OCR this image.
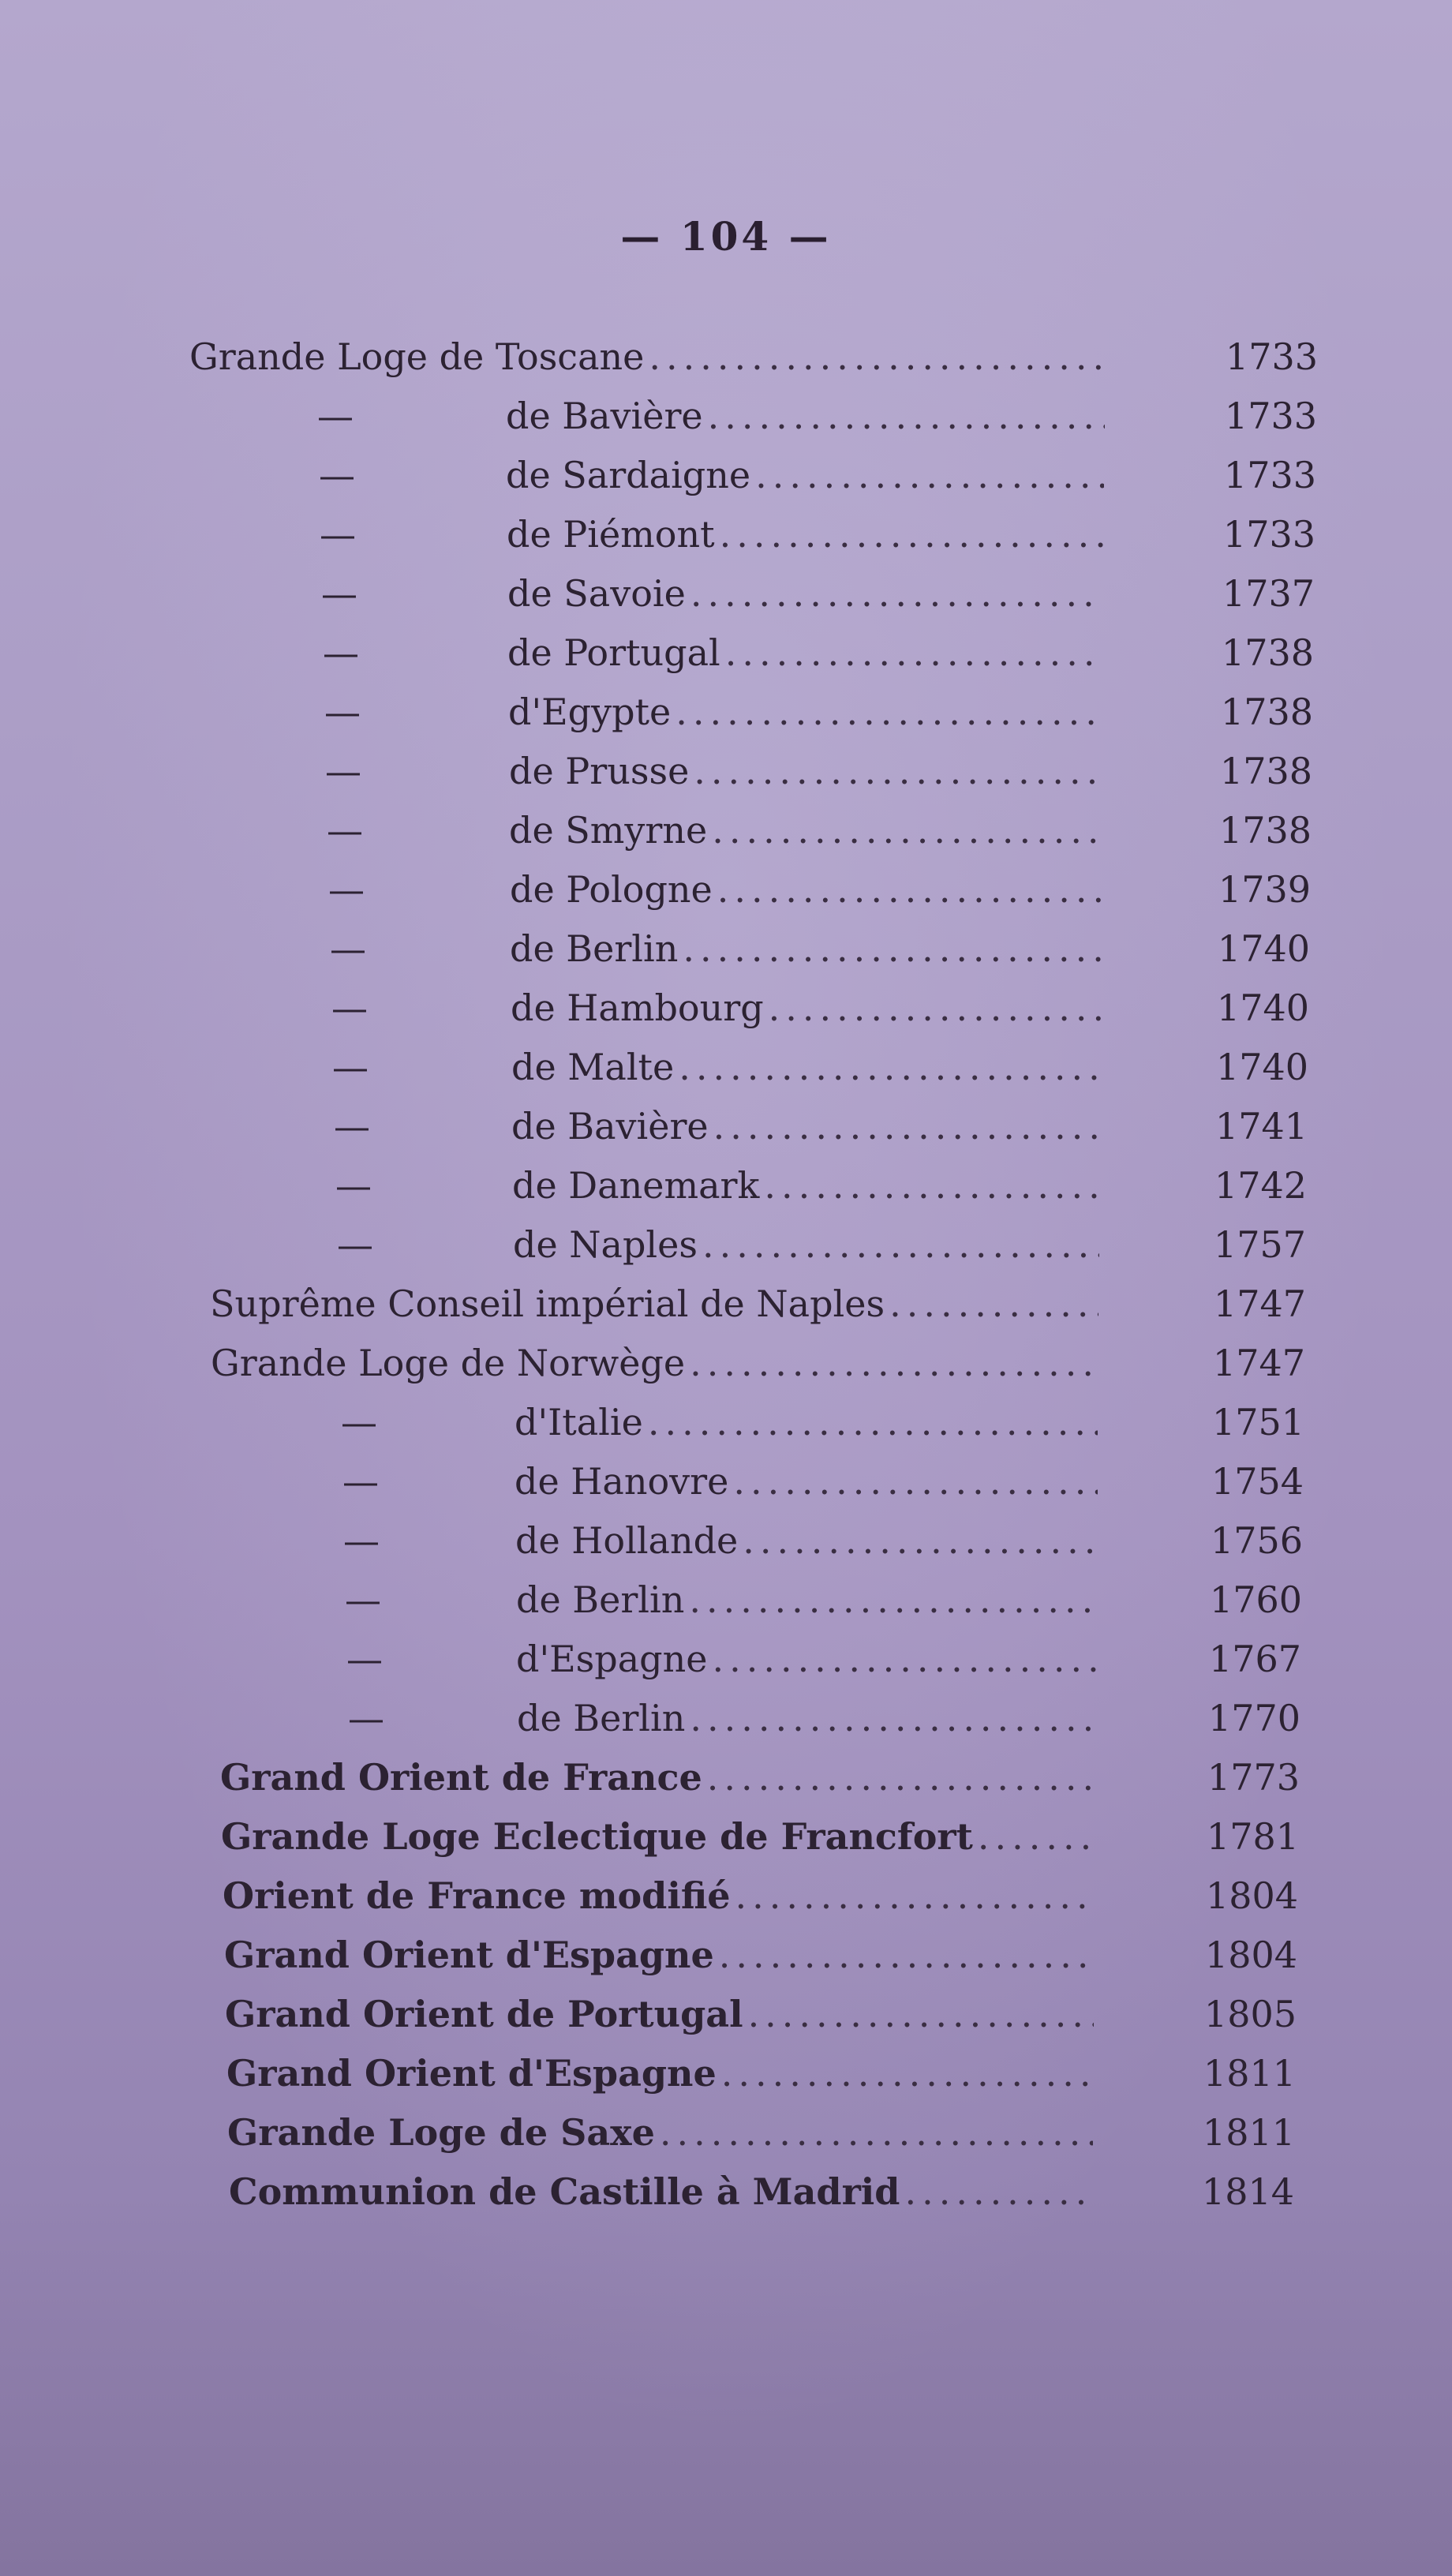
— 104 —
Grande Loge de Toscane .....	1733
—	de Bavière .....	1733
—	de Sardaigne .....	1733
—	de Piémont .....	1733
—	de Savoie .....	1737
—	de Portugal .....	1738
—	d'Egypte .....	1738
—	de Prusse .....	1738
—	de Smyrne .....	1738
—	de Pologne .....	1739
—	de Berlin .....	1740
—	de Hambourg .....	1740
—	de Malte .....	1740
—	de Bavière .....	1741
—	de Danemark .....	1742
—	de Naples .....	1757
Suprême Conseil impérial de Naples .....	1747
Grande Loge de Norwège .....	1747
—	d'Italie .....	1751
—	de Hanovre .....	1754
—	de Hollande .....	1756
—	de Berlin .....	1760
—	d'Espagne .....	1767
—	de Berlin .....	1770
Grand Orient de France .....	1773
Grande Loge Eclectique de Francfort .....	1781
Orient de France modifié .....	1804
Grand Orient d'Espagne .....	1804
Grand Orient de Portugal .....	1805
Grand Orient d'Espagne .....	1811
Grande Loge de Saxe .....	1811
Communion de Castille à Madrid .....	1814
